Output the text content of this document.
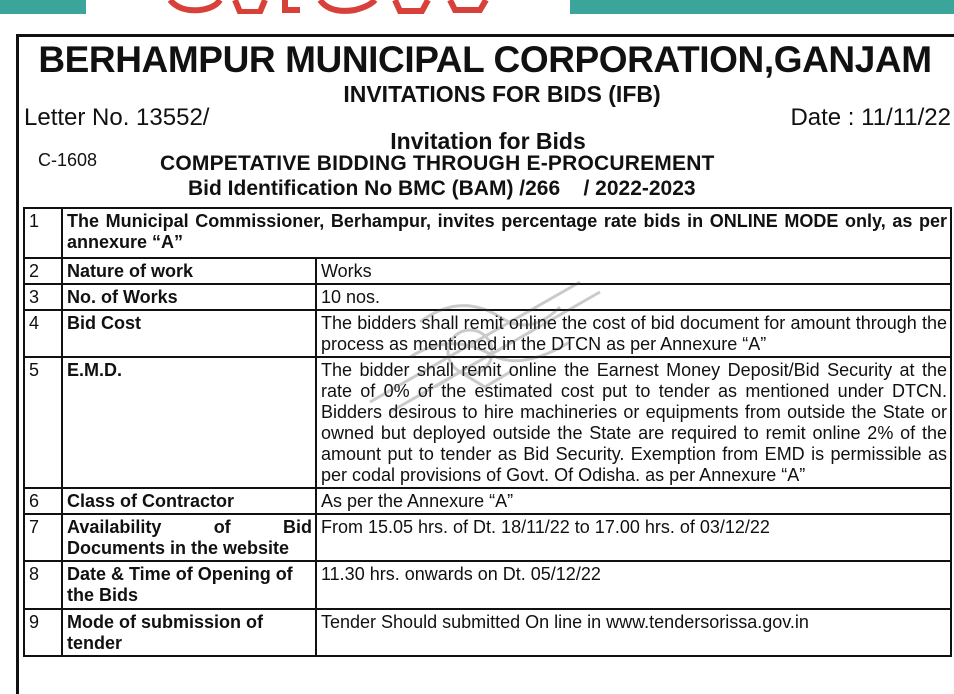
BERHAMPUR MUNICIPAL CORPORATION,GANJAM
INVITATIONS FOR BIDS (IFB)
Letter No. 13552/	Date : 11/11/22
Invitation for Bids
C-1608	COMPETATIVE BIDDING THROUGH E-PROCUREMENT
Bid Identification No BMC (BAM) /266    / 2022-2023
1	The Municipal Commissioner, Berhampur, invites percentage rate bids in ONLINE MODE only, as per annexure “A”	
2	Nature of work	Works
3	No. of Works	10 nos.
4	Bid Cost	The bidders shall remit online the cost of bid document for amount through the process as mentioned in the DTCN as per Annexure “A”
5	E.M.D.	The bidder shall remit online the Earnest Money Deposit/Bid Security at the rate of 0% of the estimated cost put to tender as mentioned under DTCN. Bidders desirous to hire machineries or equipments from outside the State or owned but deployed outside the State are required to remit online 2% of the amount put to tender as Bid Security. Exemption from EMD is permissible as per codal provisions of Govt. Of Odisha. as per Annexure “A”
6	Class of Contractor	As per the Annexure “A”
7	Availability of Bid Documents in the website	From 15.05 hrs. of Dt. 18/11/22 to 17.00 hrs. of 03/12/22
8	Date & Time of Opening of the Bids	11.30 hrs. onwards on Dt. 05/12/22
9	Mode of submission of tender	Tender Should submitted On line in www.tendersorissa.gov.in
